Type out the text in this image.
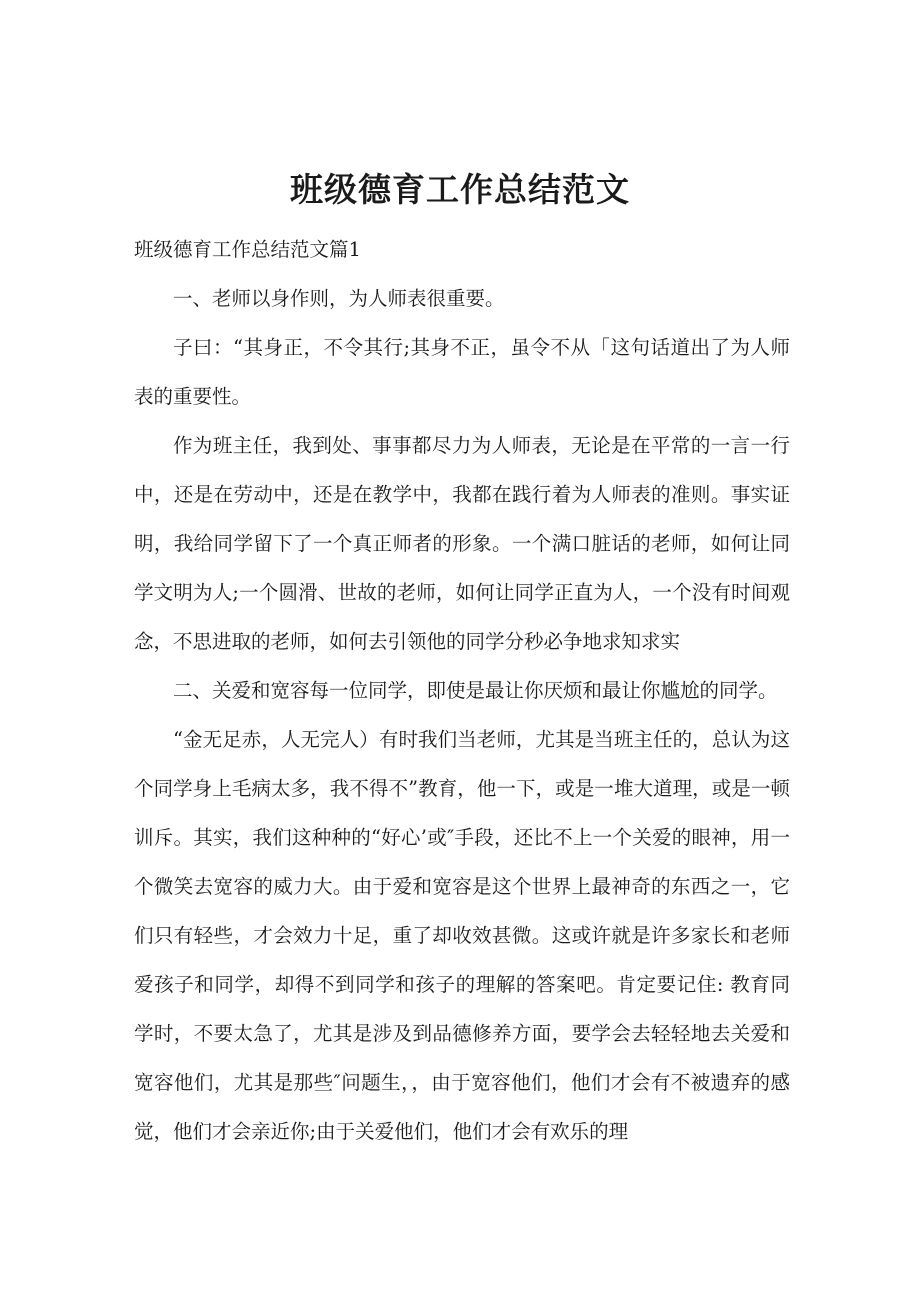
班级德育工作总结范文

班级德育工作总结范文篇1

一、老师以身作则，为人师表很重要。

子曰：“其身正，不令其行;其身不正，虽令不从「这句话道出了为人师表的重要性。

作为班主任，我到处、事事都尽力为人师表，无论是在平常的一言一行中，还是在劳动中，还是在教学中，我都在践行着为人师表的准则。事实证明，我给同学留下了一个真正师者的形象。一个满口脏话的老师，如何让同学文明为人;一个圆滑、世故的老师，如何让同学正直为人，一个没有时间观念，不思进取的老师，如何去引领他的同学分秒必争地求知求实

二、关爱和宽容每一位同学，即使是最让你厌烦和最让你尴尬的同学。

“金无足赤，人无完人）有时我们当老师，尤其是当班主任的，总认为这个同学身上毛病太多，我不得不”教育，他一下，或是一堆大道理，或是一顿训斥。其实，我们这种种的“好心’或″手段，还比不上一个关爱的眼神，用一个微笑去宽容的威力大。由于爱和宽容是这个世界上最神奇的东西之一，它们只有轻些，才会效力十足，重了却收效甚微。这或许就是许多家长和老师爱孩子和同学，却得不到同学和孩子的理解的答案吧。肯定要记住: 教育同学时，不要太急了，尤其是涉及到品德修养方面，要学会去轻轻地去关爱和宽容他们，尤其是那些″问题生，，由于宽容他们，他们才会有不被遗弃的感觉，他们才会亲近你;由于关爱他们，他们才会有欢乐的理
